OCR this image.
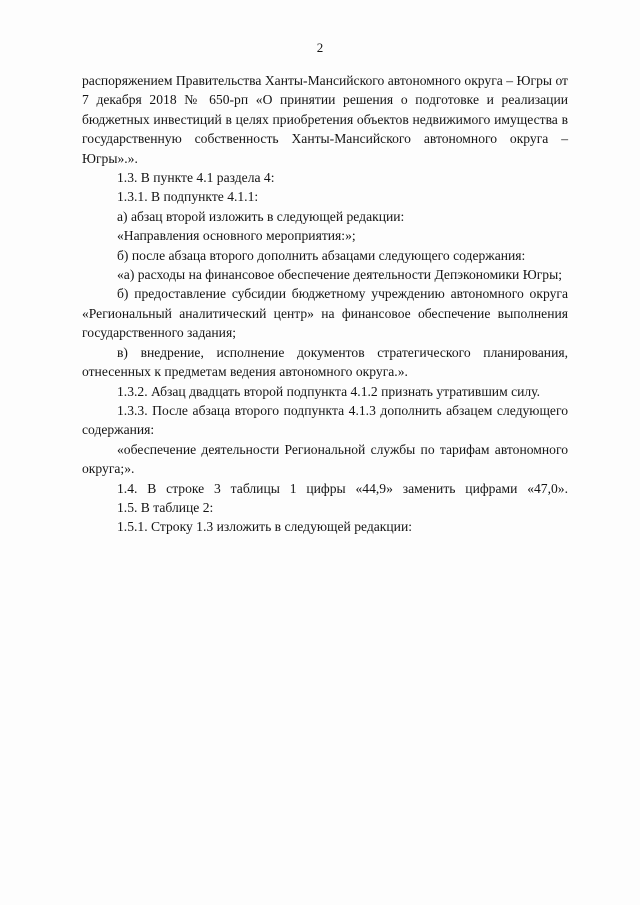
2

распоряжением Правительства Ханты-Мансийского автономного округа – Югры от 7 декабря 2018 № 650-рп «О принятии решения о подготовке и реализации бюджетных инвестиций в целях приобретения объектов недвижимого имущества в государственную собственность Ханты-Мансийского автономного округа – Югры».».

1.3. В пункте 4.1 раздела 4:

1.3.1. В подпункте 4.1.1:

а) абзац второй изложить в следующей редакции:

«Направления основного мероприятия:»;

б) после абзаца второго дополнить абзацами следующего содержания:

«а) расходы на финансовое обеспечение деятельности Депэкономики Югры;

б) предоставление субсидии бюджетному учреждению автономного округа «Региональный аналитический центр» на финансовое обеспечение выполнения государственного задания;

в) внедрение, исполнение документов стратегического планирования, отнесенных к предметам ведения автономного округа.».

1.3.2. Абзац двадцать второй подпункта 4.1.2 признать утратившим силу.

1.3.3. После абзаца второго подпункта 4.1.3 дополнить абзацем следующего содержания:

«обеспечение деятельности Региональной службы по тарифам автономного округа;».

1.4. В строке 3 таблицы 1 цифры «44,9» заменить цифрами «47,0».

1.5. В таблице 2:

1.5.1. Строку 1.3 изложить в следующей редакции:
